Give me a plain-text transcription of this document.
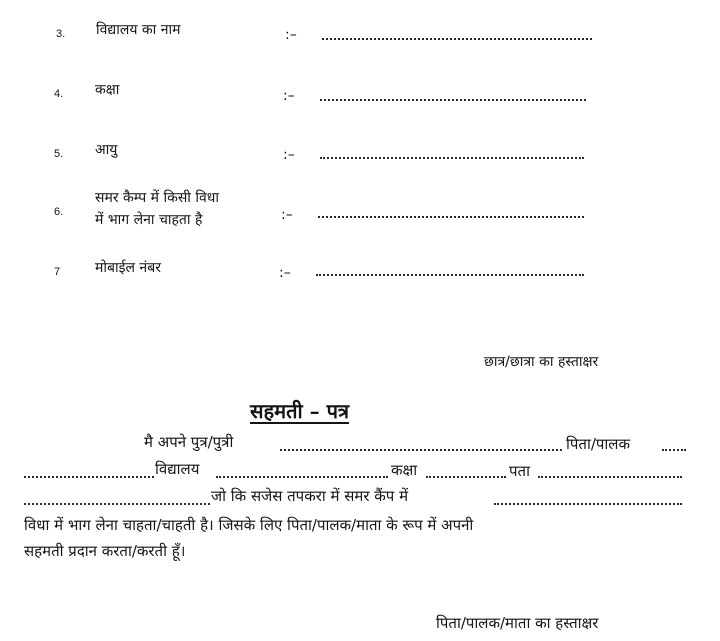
3. विद्यालय का नाम	:–
4. कक्षा	:–
5. आयु	:–
6.
समर कैम्प में किसी विधा
में भाग लेना चाहता है	:–
7 मोबाईल नंबर	:–
छात्र/छात्रा का हस्ताक्षर
सहमती – पत्र
मै अपने पुत्र/पुत्री	पिता/पालक
विद्यालय	कक्षा	पता
जो कि सजेस तपकरा में समर कैंप में
विधा में भाग लेना चाहता/चाहती है। जिसके लिए पिता/पालक/माता के रूप में अपनी
सहमती प्रदान करता/करती हूँ।
पिता/पालक/माता का हस्ताक्षर
